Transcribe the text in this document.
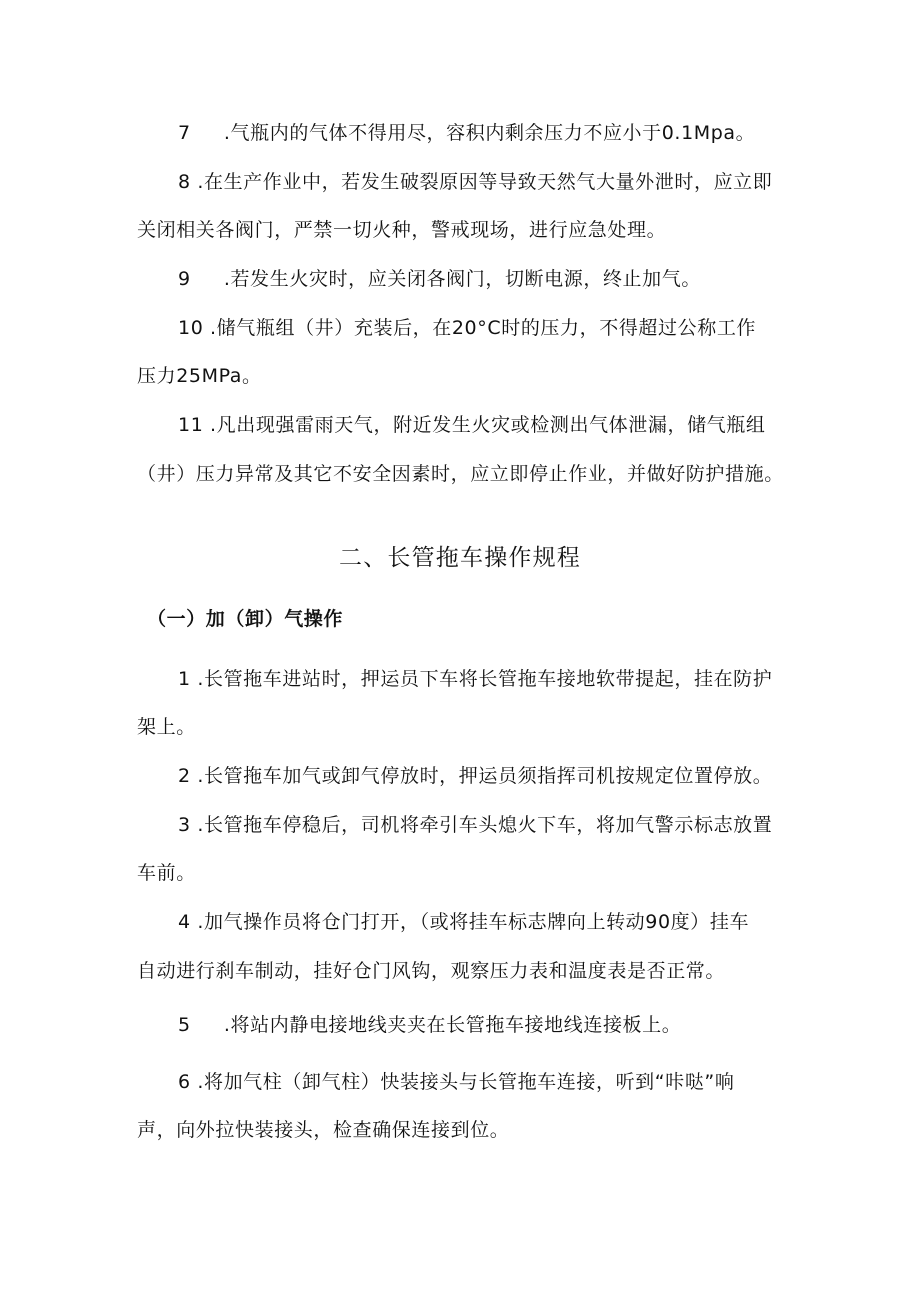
7     .气瓶内的气体不得用尽，容积内剩余压力不应小于0.1Mpa。
8 .在生产作业中，若发生破裂原因等导致天然气大量外泄时，应立即
关闭相关各阀门，严禁一切火种，警戒现场，进行应急处理。
9     .若发生火灾时，应关闭各阀门，切断电源，终止加气。
10 .储气瓶组（井）充装后，在20°C时的压力，不得超过公称工作
压力25MPa。
11 .凡出现强雷雨天气，附近发生火灾或检测出气体泄漏，储气瓶组
（井）压力异常及其它不安全因素时，应立即停止作业，并做好防护措施。
二、长管拖车操作规程
（一）加（卸）气操作
1 .长管拖车进站时，押运员下车将长管拖车接地软带提起，挂在防护
架上。
2 .长管拖车加气或卸气停放时，押运员须指挥司机按规定位置停放。
3 .长管拖车停稳后，司机将牵引车头熄火下车，将加气警示标志放置
车前。
4 .加气操作员将仓门打开，（或将挂车标志牌向上转动90度）挂车
自动进行刹车制动，挂好仓门风钩，观察压力表和温度表是否正常。
5     .将站内静电接地线夹夹在长管拖车接地线连接板上。
6 .将加气柱（卸气柱）快装接头与长管拖车连接，听到“咔哒”响
声，向外拉快装接头，检查确保连接到位。
